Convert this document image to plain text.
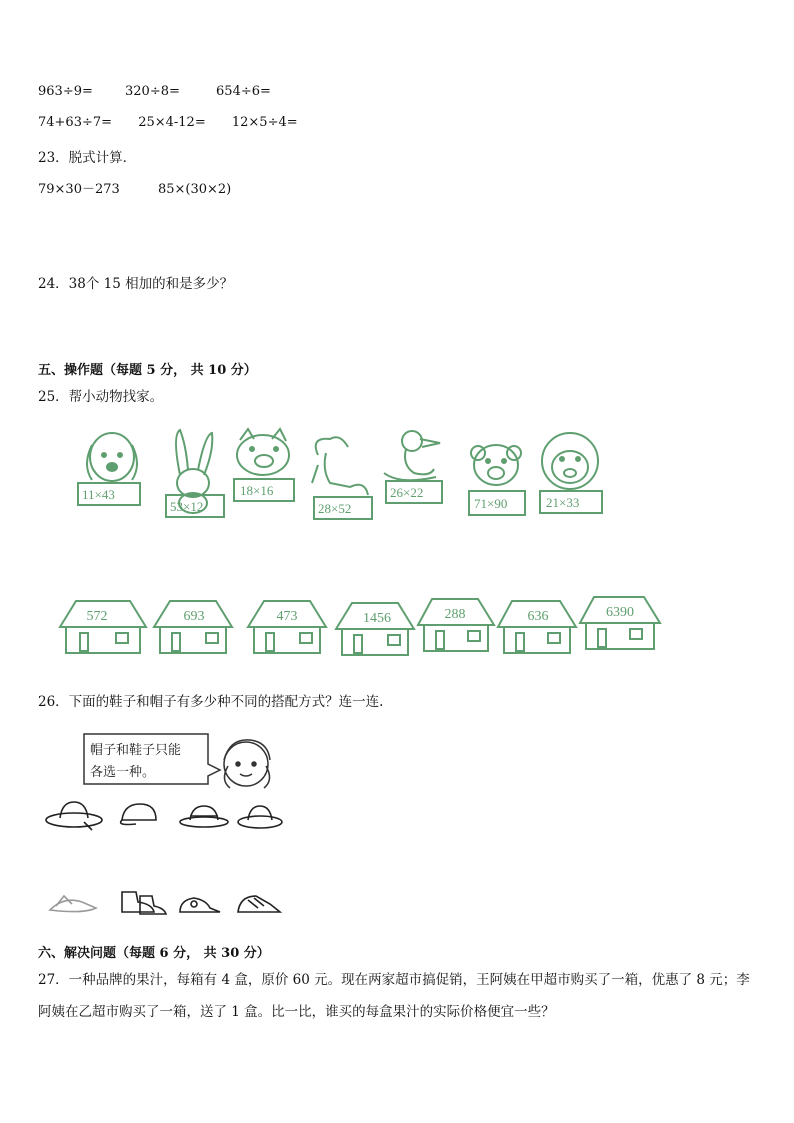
963÷9= 320÷8=	654÷6=
74+63÷7= 25×4-12= 12×5÷4=
23．脱式计算．
79×30－273	85×(30×2)
24．38个 15 相加的和是多少？
五、操作题（每题 5 分， 共 10 分）
25．帮小动物找家。
11×43
53×12
18×16
28×52
26×22
71×90	21×33
572	693	473	1456	288	636	6390
26．下面的鞋子和帽子有多少种不同的搭配方式？连一连.
帽子和鞋子只能
各选一种。
六、解决问题（每题 6 分， 共 30 分）
27．一种品牌的果汁，每箱有 4 盒，原价 60 元。现在两家超市搞促销，王阿姨在甲超市购买了一箱，优惠了 8 元；李
阿姨在乙超市购买了一箱，送了 1 盒。比一比，谁买的每盒果汁的实际价格便宜一些？
